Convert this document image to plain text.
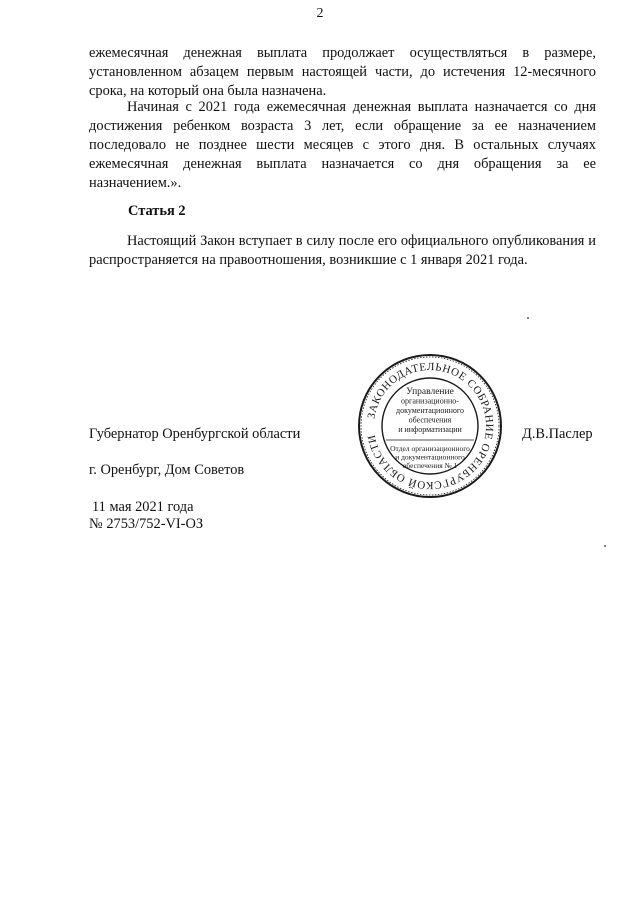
2

ежемесячная денежная выплата продолжает осуществляться в размере, установленном абзацем первым настоящей части, до истечения 12-месячного срока, на который она была назначена.

Начиная с 2021 года ежемесячная денежная выплата назначается со дня достижения ребенком возраста 3 лет, если обращение за ее назначением последовало не позднее шести месяцев с этого дня. В остальных случаях ежемесячная денежная выплата назначается со дня обращения за ее назначением.».

Статья 2

Настоящий Закон вступает в силу после его официального опубликования и распространяется на правоотношения, возникшие с 1 января 2021 года.

ЗАКОНОДАТЕЛЬНОЕ СОБРАНИЕ ОРЕНБУРГСКОЙ ОБЛАСТИ
Управление
организационно-
документационного
обеспечения
и информатизации
Отдел организационного
и документационного
обеспечения № 1
Губернатор Оренбургской области	Д.В.Паслер
г. Оренбург, Дом Советов
11 мая 2021 года
№ 2753/752-VI-ОЗ
